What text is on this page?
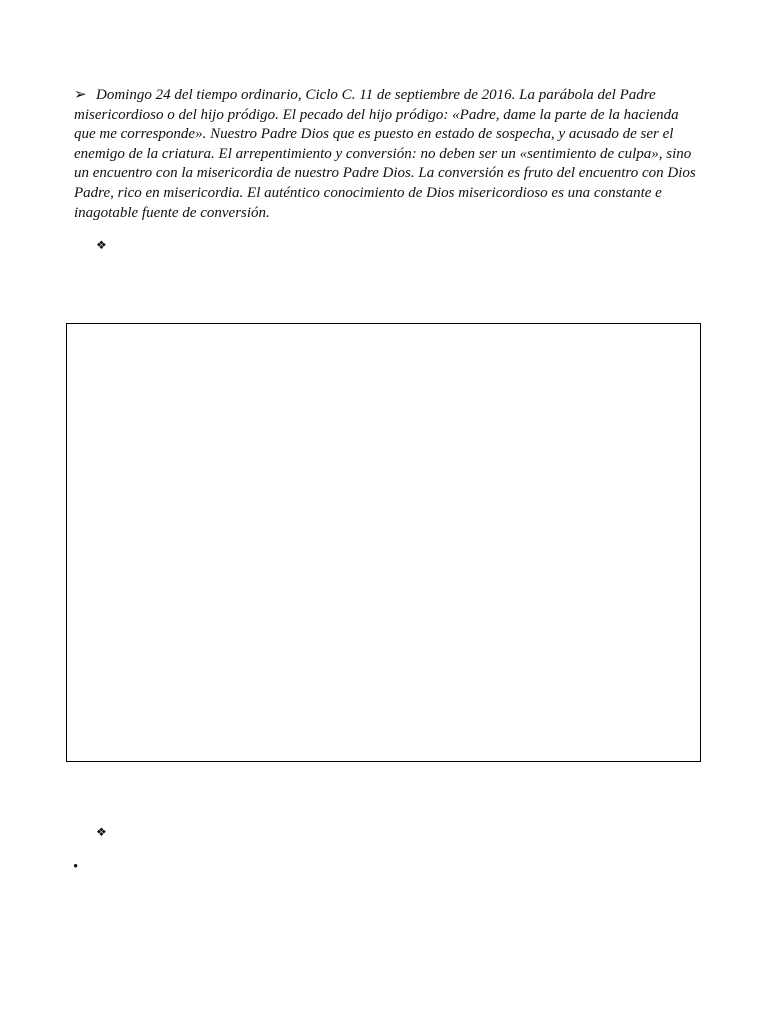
➢ Domingo 24 del tiempo ordinario, Ciclo C. 11 de septiembre de 2016. La parábola del Padre misericordioso o del hijo pródigo. El pecado del hijo pródigo: «Padre, dame la parte de la hacienda que me corresponde». Nuestro Padre Dios que es puesto en estado de sospecha, y acusado de ser el enemigo de la criatura. El arrepentimiento y conversión: no deben ser un «sentimiento de culpa», sino un encuentro con la misericordia de nuestro Padre Dios. La conversión es fruto del encuentro con Dios Padre, rico en misericordia. El auténtico conocimiento de Dios misericordioso es una constante e inagotable fuente de conversión.

❖
❖
•
